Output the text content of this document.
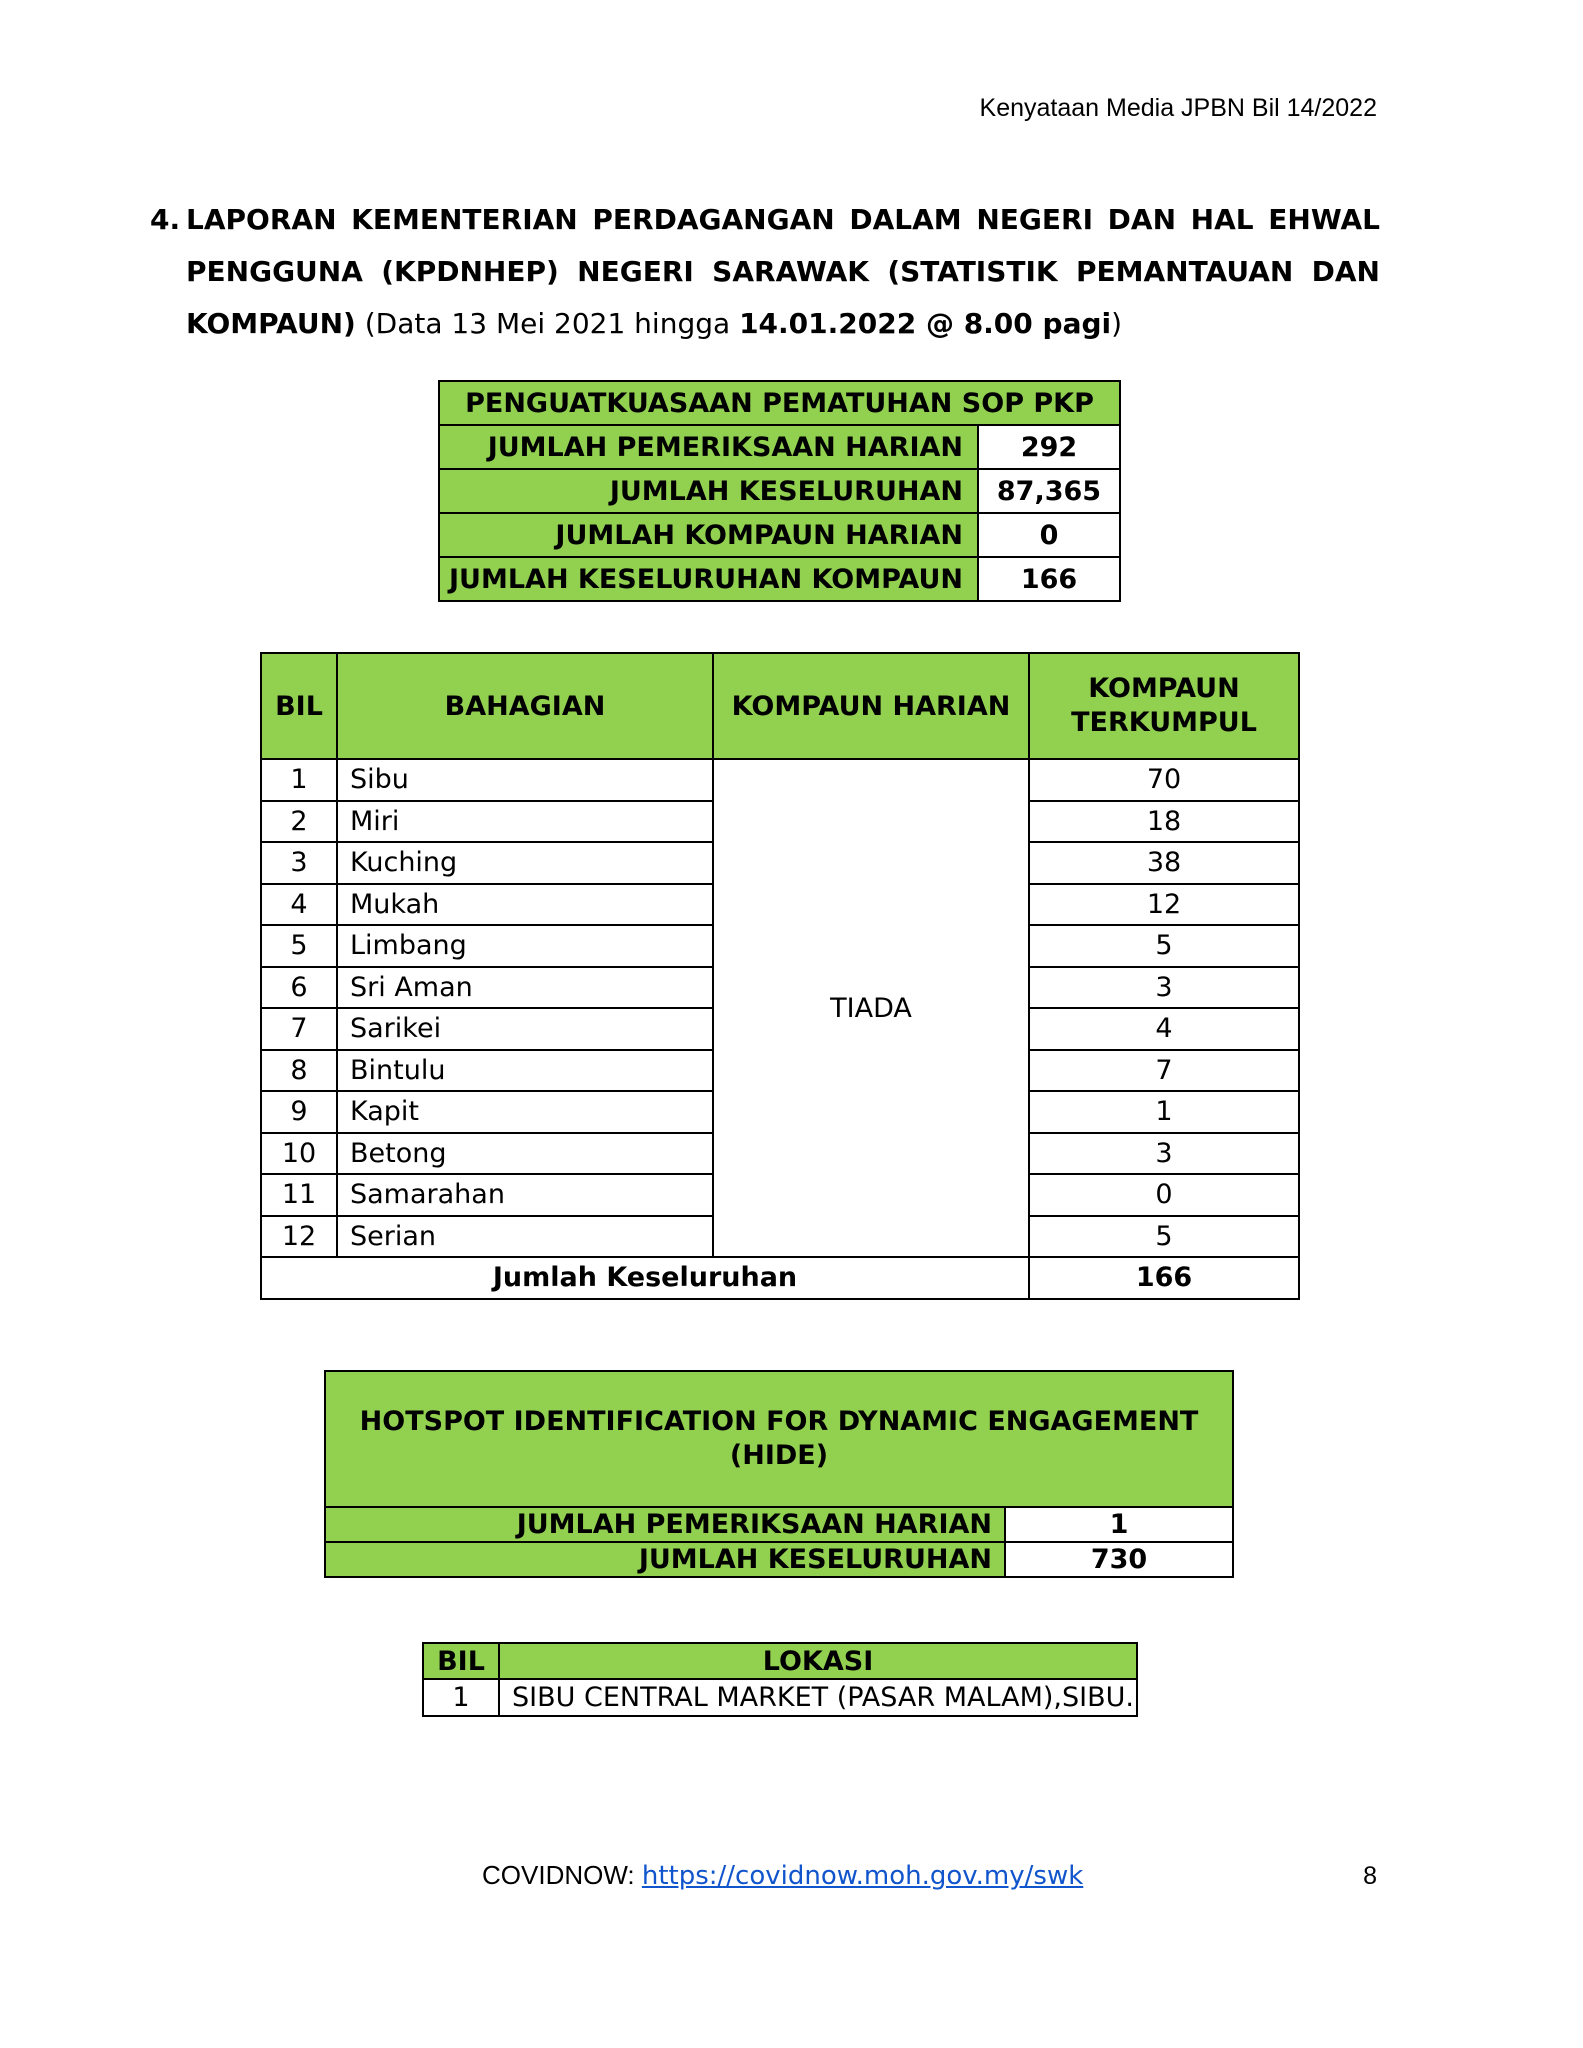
Kenyataan Media JPBN Bil 14/2022
4. LAPORAN KEMENTERIAN PERDAGANGAN DALAM NEGERI DAN HAL EHWAL PENGGUNA (KPDNHEP) NEGERI SARAWAK (STATISTIK PEMANTAUAN DAN KOMPAUN) (Data 13 Mei 2021 hingga 14.01.2022 @ 8.00 pagi)
PENGUATKUASAAN PEMATUHAN SOP PKP	
JUMLAH PEMERIKSAAN HARIAN	292
JUMLAH KESELURUHAN	87,365
JUMLAH KOMPAUN HARIAN	0
JUMLAH KESELURUHAN KOMPAUN	166
BIL	BAHAGIAN	KOMPAUN HARIAN	KOMPAUN TERKUMPUL
1	Sibu	TIADA	70
2	Miri		18
3	Kuching		38
4	Mukah		12
5	Limbang		5
6	Sri Aman		3
7	Sarikei		4
8	Bintulu		7
9	Kapit		1
10	Betong		3
11	Samarahan		0
12	Serian		5
Jumlah Keseluruhan			166
HOTSPOT IDENTIFICATION FOR DYNAMIC ENGAGEMENT (HIDE)	
JUMLAH PEMERIKSAAN HARIAN	1
JUMLAH KESELURUHAN	730
BIL	LOKASI
1	SIBU CENTRAL MARKET (PASAR MALAM),SIBU.
COVIDNOW: https://covidnow.moh.gov.my/swk	8
